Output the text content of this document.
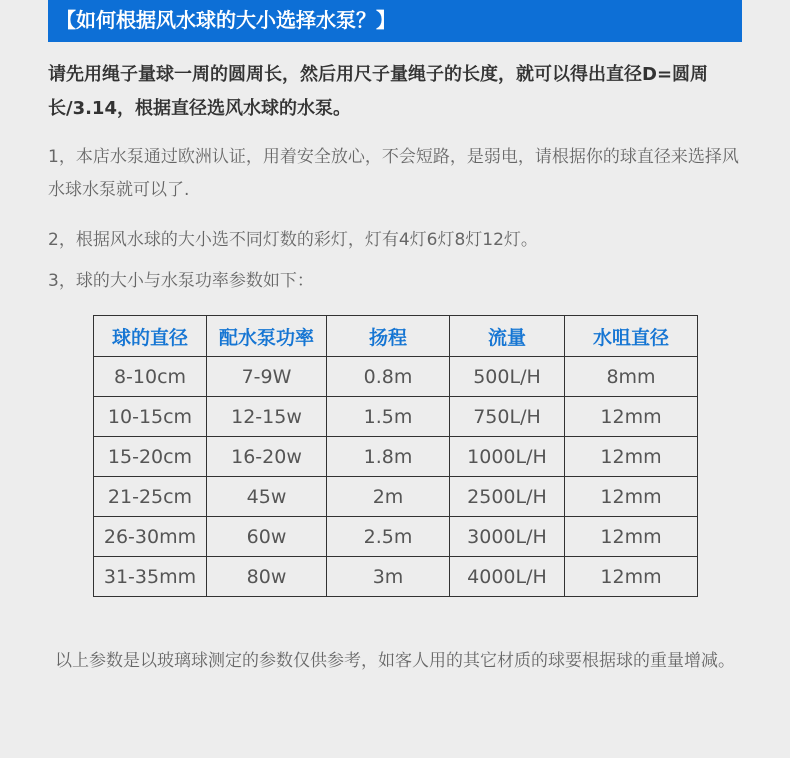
【如何根据风水球的大小选择水泵？】
请先用绳子量球一周的圆周长，然后用尺子量绳子的长度，就可以得出直径D=圆周长/3.14，根据直径选风水球的水泵。
1，本店水泵通过欧洲认证，用着安全放心，不会短路，是弱电，请根据你的球直径来选择风水球水泵就可以了.
2，根据风水球的大小选不同灯数的彩灯，灯有4灯6灯8灯12灯。
3，球的大小与水泵功率参数如下：
球的直径	配水泵功率	扬程	流量	水咀直径
8-10cm	7-9W	0.8m	500L/H	8mm
10-15cm	12-15w	1.5m	750L/H	12mm
15-20cm	16-20w	1.8m	1000L/H	12mm
21-25cm	45w	2m	2500L/H	12mm
26-30mm	60w	2.5m	3000L/H	12mm
31-35mm	80w	3m	4000L/H	12mm
以上参数是以玻璃球测定的参数仅供参考，如客人用的其它材质的球要根据球的重量增减。
